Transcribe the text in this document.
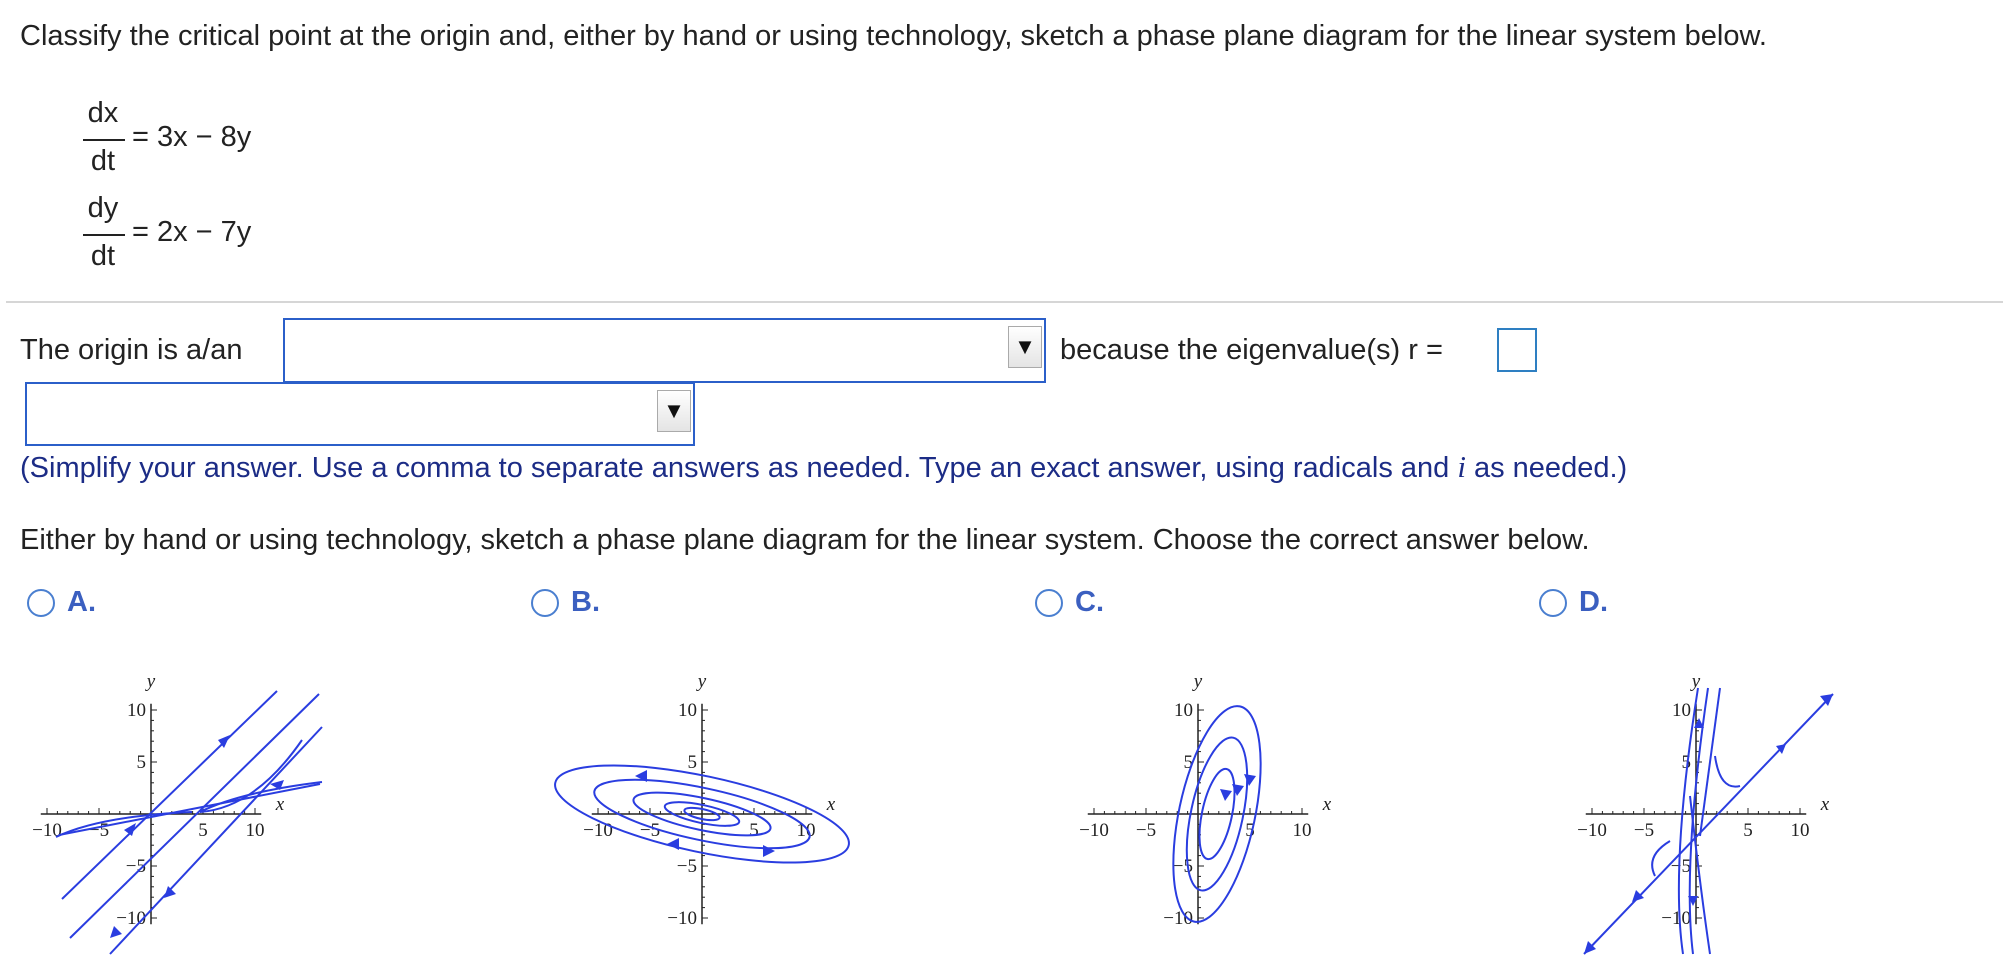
Classify the critical point at the origin and, either by hand or using technology, sketch a phase plane diagram for the linear system below.
dx
dt
= 3x − 8y
dy
dt
= 2x − 7y
The origin is a/an	▼ because the eigenvalue(s) r =
▼
(Simplify your answer. Use a comma to separate answers as needed. Type an exact answer, using radicals and i as needed.)
Either by hand or using technology, sketch a phase plane diagram for the linear system. Choose the correct answer below.
A.	B.	C.	D.
−10 −5	5 10
10
5
−5
−10
x
y
−10 −5	5 10
10
5
−5
−10
x
y
−10 −5	5 10
10
5
−5
−10
x
y
−10 −5	5 10
10
5
−5
−10
x
y
